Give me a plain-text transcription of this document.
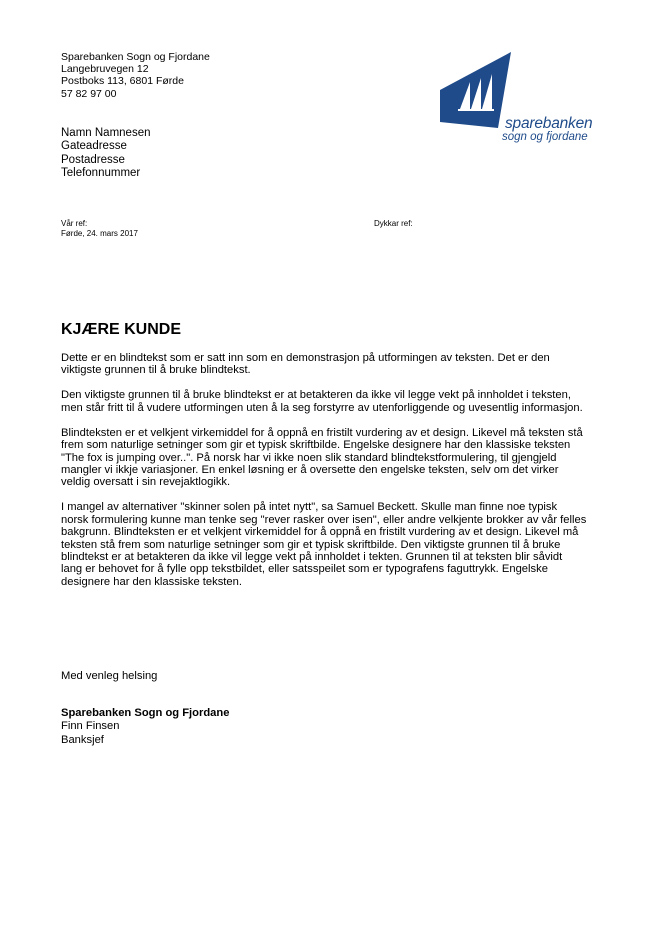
Sparebanken Sogn og Fjordane
Langebruvegen 12
Postboks 113, 6801 Førde
57 82 97 00
sparebanken
sogn og fjordane
Namn Namnesen
Gateadresse
Postadresse
Telefonnummer
Vår ref:
Førde, 24. mars 2017
Dykkar ref:
KJÆRE KUNDE

Dette er en blindtekst som er satt inn som en demonstrasjon på utformingen av teksten. Det er den
viktigste grunnen til å bruke blindtekst.

Den viktigste grunnen til å bruke blindtekst er at betakteren da ikke vil legge vekt på innholdet i teksten,
men står fritt til å vudere utformingen uten å la seg forstyrre av utenforliggende og uvesentlig informasjon.

Blindteksten er et velkjent virkemiddel for å oppnå en fristilt vurdering av et design. Likevel må teksten stå
frem som naturlige setninger som gir et typisk skriftbilde. Engelske designere har den klassiske teksten
"The fox is jumping over..". På norsk har vi ikke noen slik standard blindtekstformulering, til gjengjeld
mangler vi ikkje variasjoner. En enkel løsning er å oversette den engelske teksten, selv om det virker
veldig oversatt i sin revejaktlogikk.

I mangel av alternativer "skinner solen på intet nytt", sa Samuel Beckett. Skulle man finne noe typisk
norsk formulering kunne man tenke seg "rever rasker over isen", eller andre velkjente brokker av vår felles
bakgrunn. Blindteksten er et velkjent virkemiddel for å oppnå en fristilt vurdering av et design. Likevel må
teksten stå frem som naturlige setninger som gir et typisk skriftbilde. Den viktigste grunnen til å bruke
blindtekst er at betakteren da ikke vil legge vekt på innholdet i tekten. Grunnen til at teksten blir såvidt
lang er behovet for å fylle opp tekstbildet, eller satsspeilet som er typografens faguttrykk. Engelske
designere har den klassiske teksten.

Med venleg helsing
Sparebanken Sogn og Fjordane
Finn Finsen
Banksjef
